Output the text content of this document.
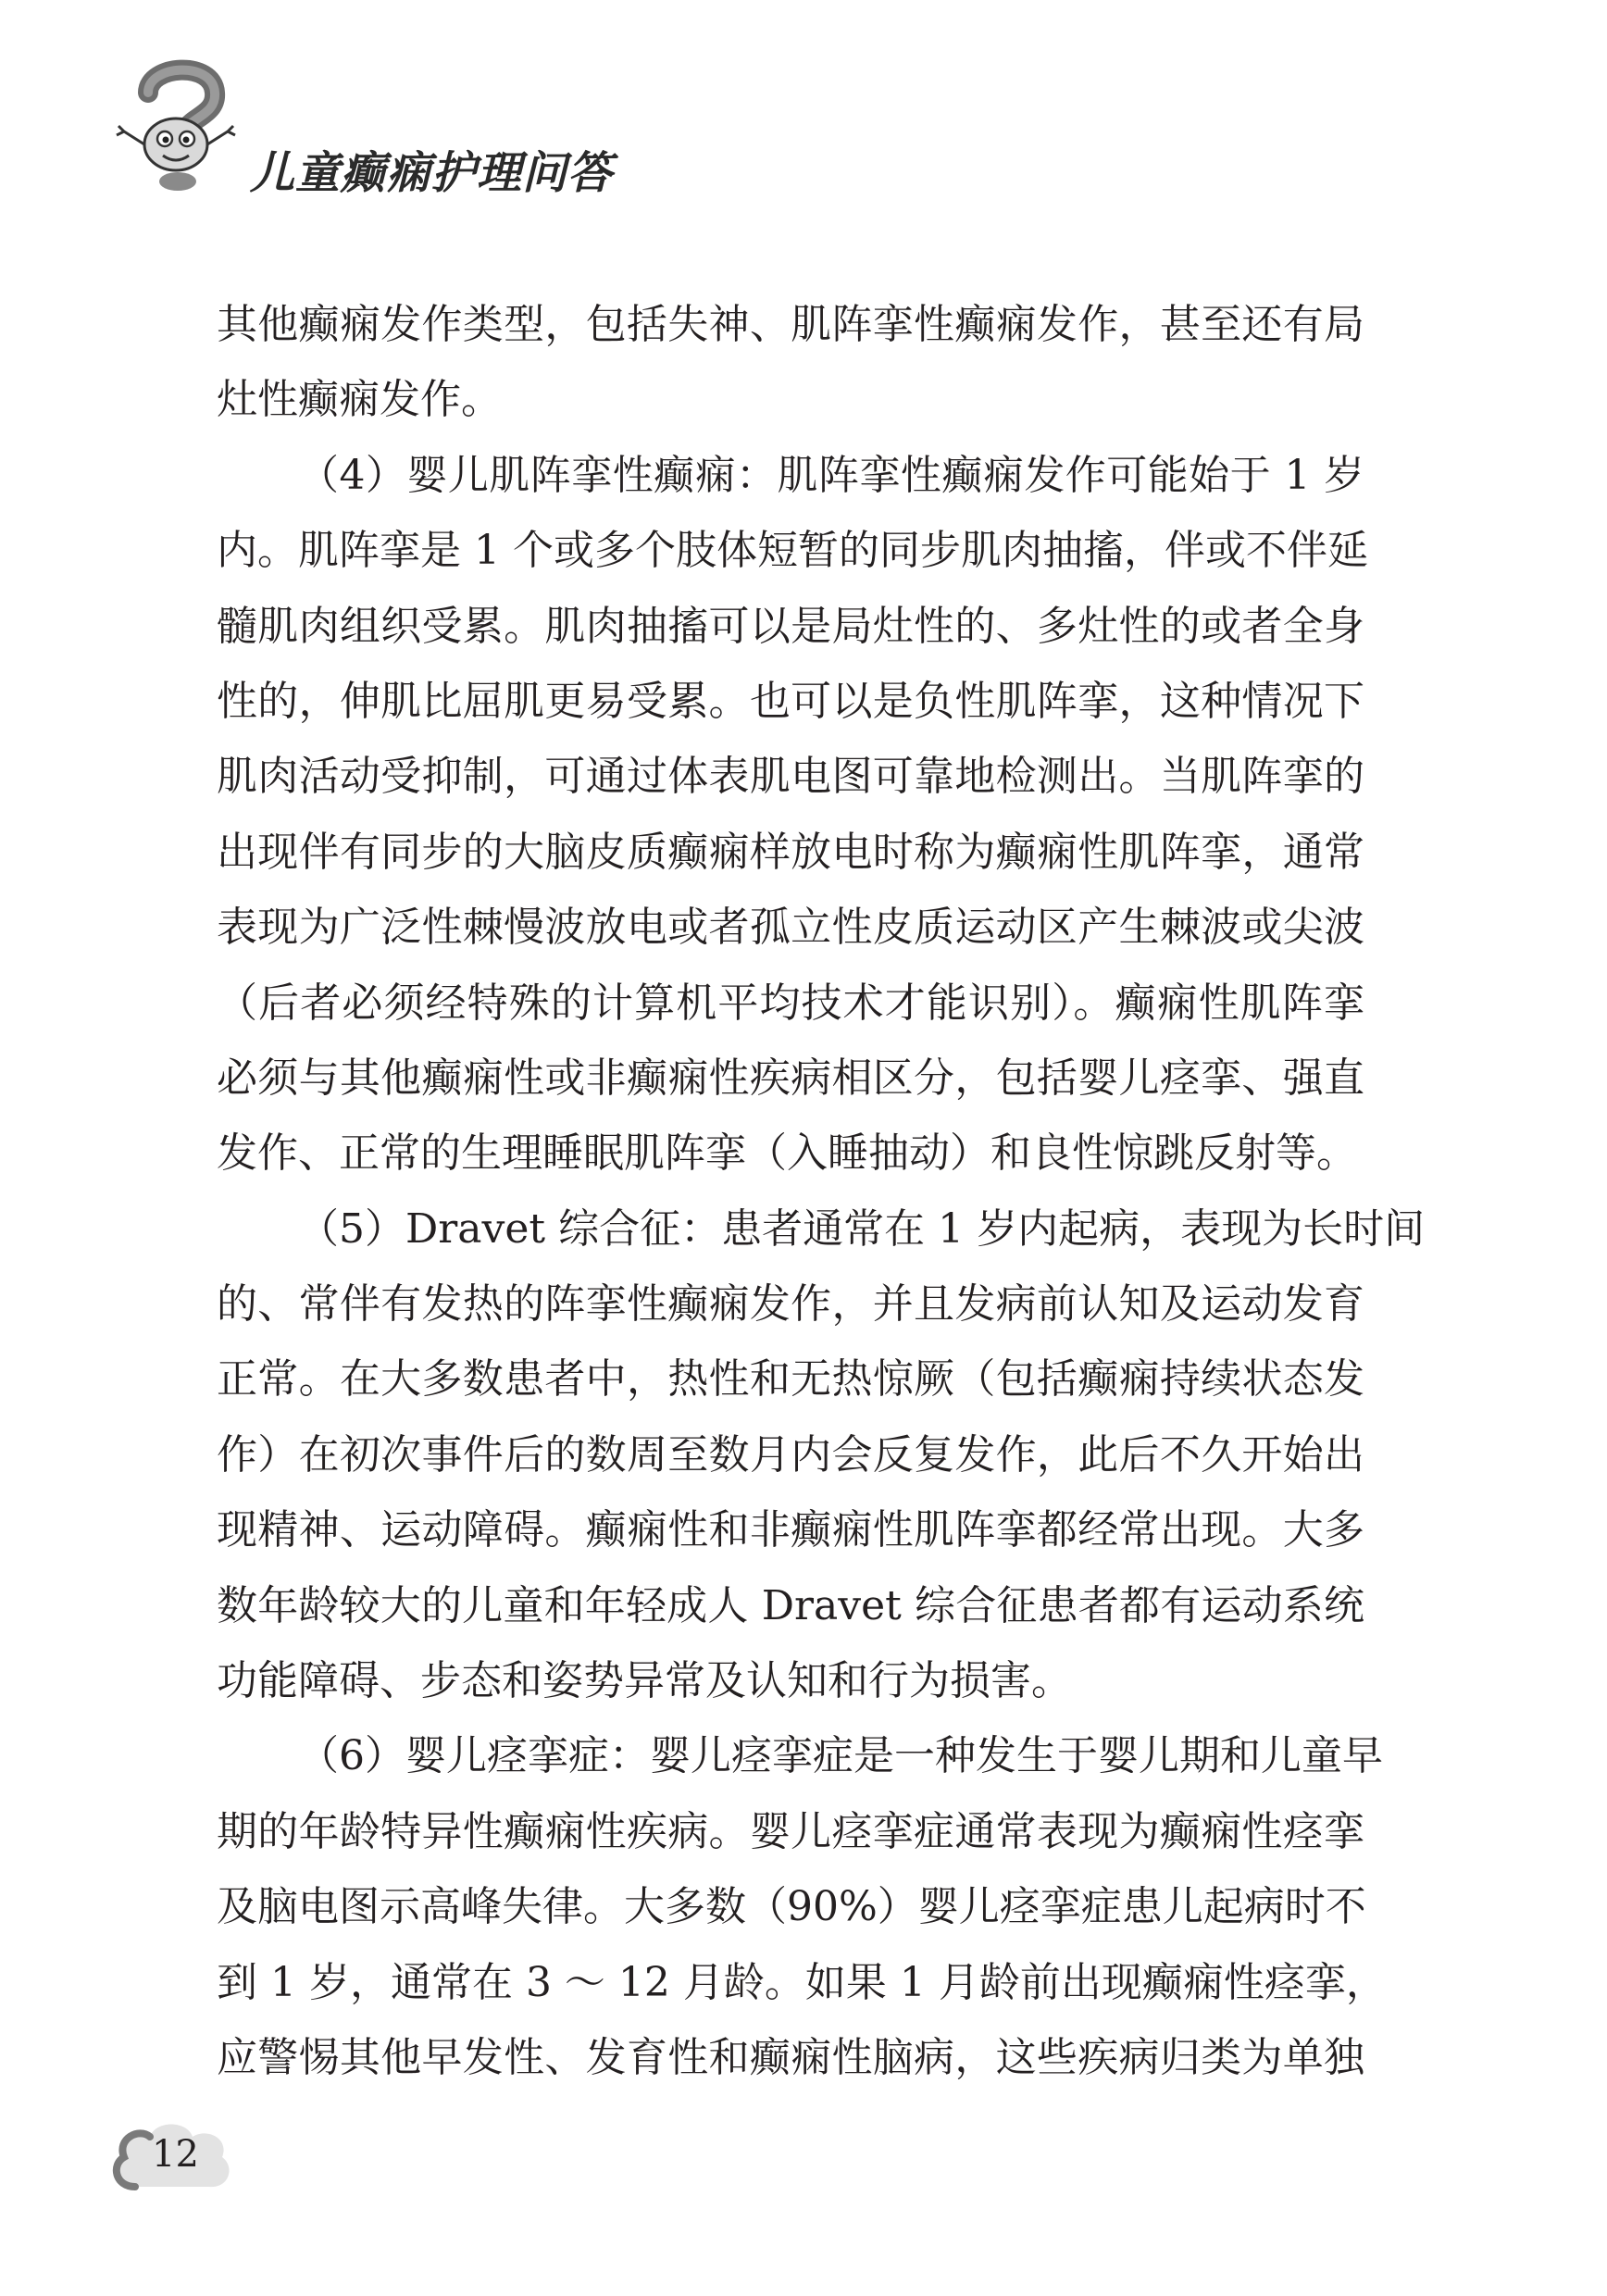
儿童癫痫护理问答
其他癫痫发作类型，包括失神、肌阵挛性癫痫发作，甚至还有局
灶性癫痫发作。
（4）婴儿肌阵挛性癫痫：肌阵挛性癫痫发作可能始于 1 岁
内。肌阵挛是 1 个或多个肢体短暂的同步肌肉抽搐，伴或不伴延
髓肌肉组织受累。肌肉抽搐可以是局灶性的、多灶性的或者全身
性的，伸肌比屈肌更易受累。也可以是负性肌阵挛，这种情况下
肌肉活动受抑制，可通过体表肌电图可靠地检测出。当肌阵挛的
出现伴有同步的大脑皮质癫痫样放电时称为癫痫性肌阵挛，通常
表现为广泛性棘慢波放电或者孤立性皮质运动区产生棘波或尖波
（后者必须经特殊的计算机平均技术才能识别）。癫痫性肌阵挛
必须与其他癫痫性或非癫痫性疾病相区分，包括婴儿痉挛、强直
发作、正常的生理睡眠肌阵挛（入睡抽动）和良性惊跳反射等。
（5）Dravet 综合征：患者通常在 1 岁内起病，表现为长时间
的、常伴有发热的阵挛性癫痫发作，并且发病前认知及运动发育
正常。在大多数患者中，热性和无热惊厥（包括癫痫持续状态发
作）在初次事件后的数周至数月内会反复发作，此后不久开始出
现精神、运动障碍。癫痫性和非癫痫性肌阵挛都经常出现。大多
数年龄较大的儿童和年轻成人 Dravet 综合征患者都有运动系统
功能障碍、步态和姿势异常及认知和行为损害。
（6）婴儿痉挛症：婴儿痉挛症是一种发生于婴儿期和儿童早
期的年龄特异性癫痫性疾病。婴儿痉挛症通常表现为癫痫性痉挛
及脑电图示高峰失律。大多数（90%）婴儿痉挛症患儿起病时不
到 1 岁，通常在 3 ～ 12 月龄。如果 1 月龄前出现癫痫性痉挛，
应警惕其他早发性、发育性和癫痫性脑病，这些疾病归类为单独
12
